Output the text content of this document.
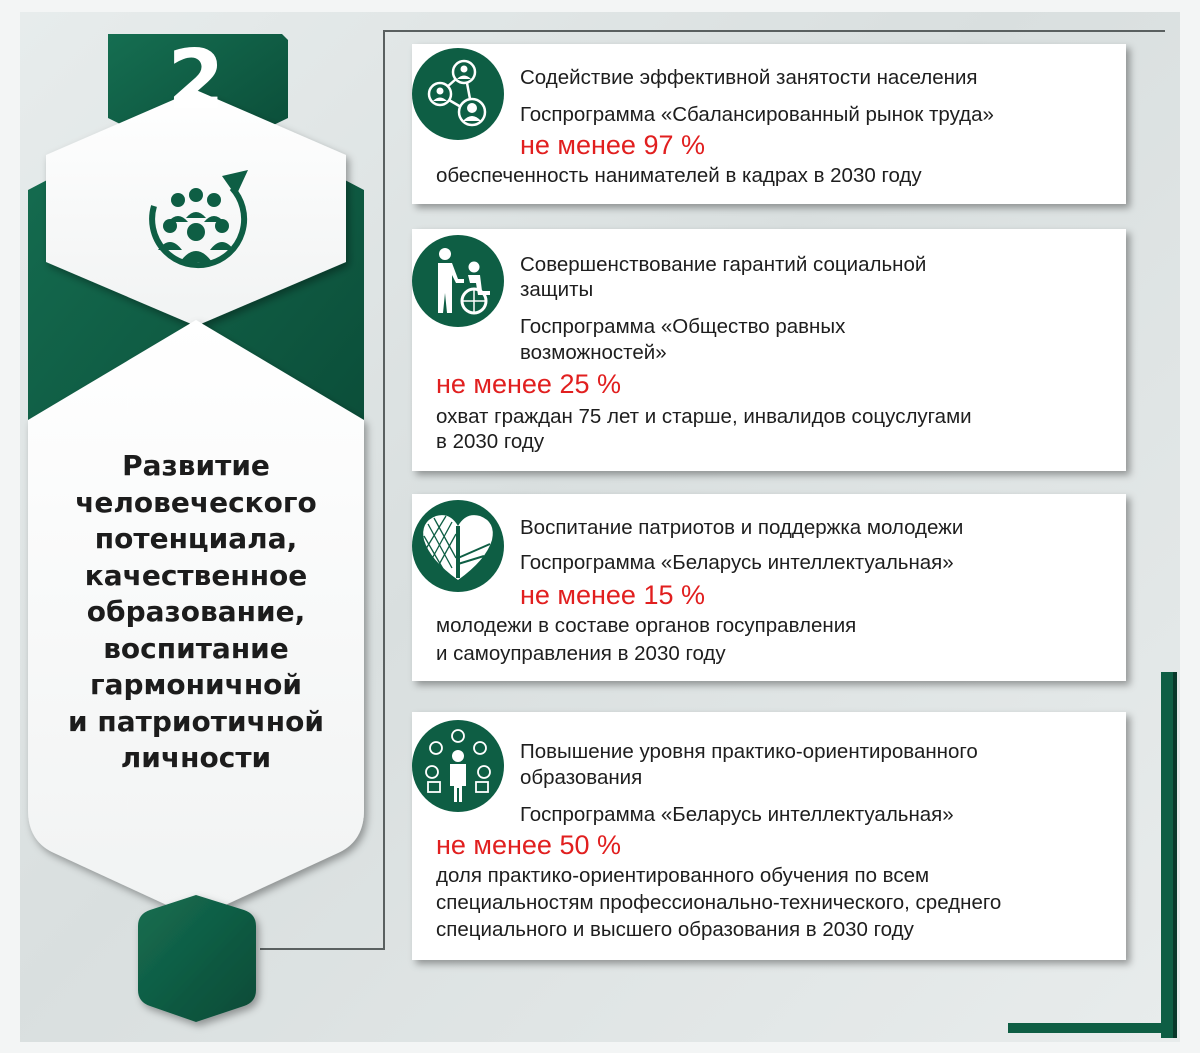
2
Развитие
человеческого
потенциала,
качественное
образование,
воспитание
гармоничной
и патриотичной
личности
Содействие эффективной занятости населения
Госпрограмма «Сбалансированный рынок труда»
не менее 97 %
обеспеченность нанимателей в кадрах в 2030 году
Совершенствование гарантий социальной
защиты
Госпрограмма «Общество равных
возможностей»
не менее 25 %
охват граждан 75 лет и старше, инвалидов соцуслугами
в 2030 году
Воспитание патриотов и поддержка молодежи
Госпрограмма «Беларусь интеллектуальная»
не менее 15 %
молодежи в составе органов госуправления
и самоуправления в 2030 году
Повышение уровня практико-ориентированного
образования
Госпрограмма «Беларусь интеллектуальная»
не менее 50 %
доля практико-ориентированного обучения по всем
специальностям профессионально-технического, среднего
специального и высшего образования в 2030 году
